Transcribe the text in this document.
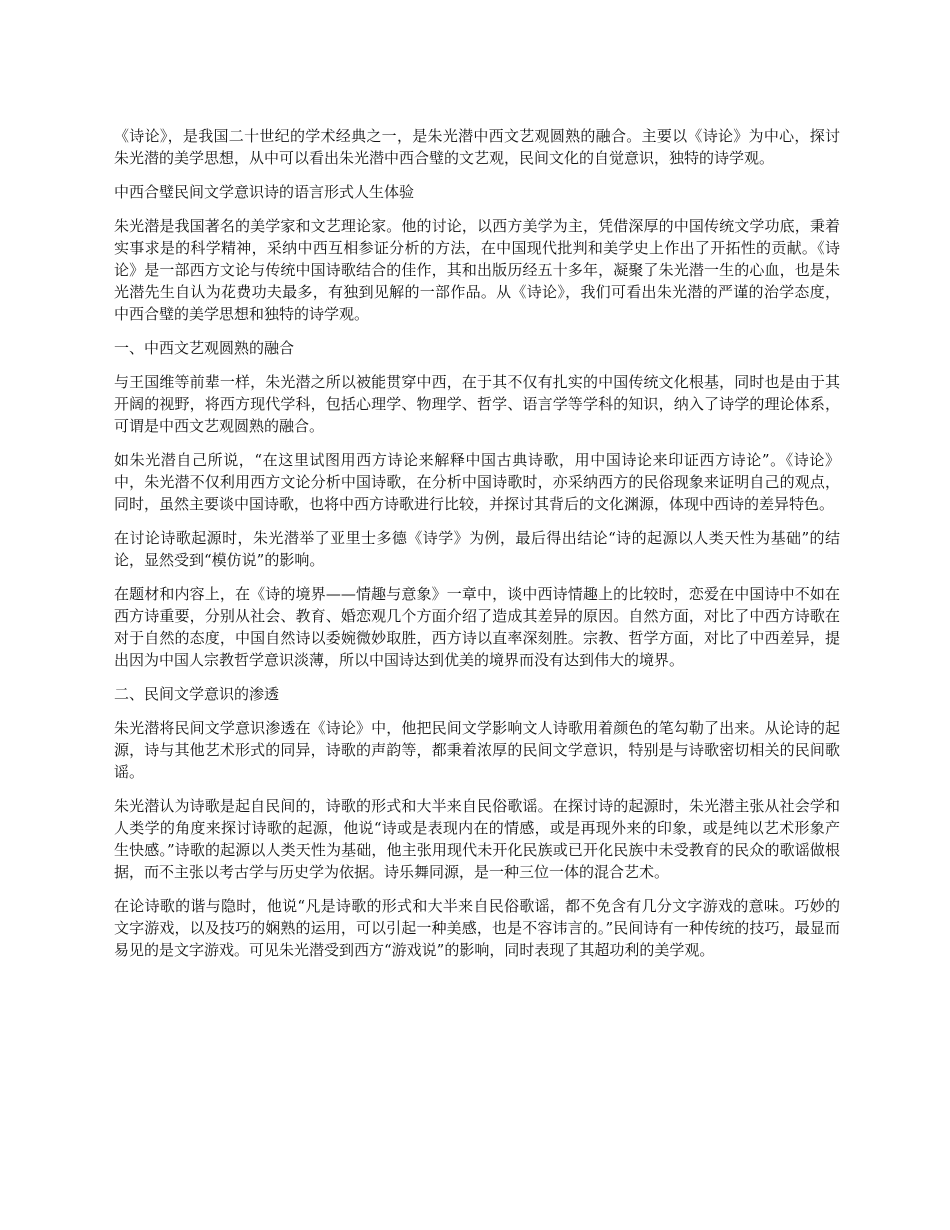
《诗论》，是我国二十世纪的学术经典之一，是朱光潜中西文艺观圆熟的融合。主要以《诗论》为中心，探讨朱光潜的美学思想，从中可以看出朱光潜中西合璧的文艺观，民间文化的自觉意识，独特的诗学观。

中西合璧民间文学意识诗的语言形式人生体验

朱光潜是我国著名的美学家和文艺理论家。他的讨论，以西方美学为主，凭借深厚的中国传统文学功底，秉着实事求是的科学精神，采纳中西互相参证分析的方法，在中国现代批判和美学史上作出了开拓性的贡献。《诗论》是一部西方文论与传统中国诗歌结合的佳作，其和出版历经五十多年，凝聚了朱光潜一生的心血，也是朱光潜先生自认为花费功夫最多，有独到见解的一部作品。从《诗论》，我们可看出朱光潜的严谨的治学态度，中西合璧的美学思想和独特的诗学观。

一、中西文艺观圆熟的融合

与王国维等前辈一样，朱光潜之所以被能贯穿中西，在于其不仅有扎实的中国传统文化根基，同时也是由于其开阔的视野，将西方现代学科，包括心理学、物理学、哲学、语言学等学科的知识，纳入了诗学的理论体系，可谓是中西文艺观圆熟的融合。

如朱光潜自己所说，“在这里试图用西方诗论来解释中国古典诗歌，用中国诗论来印证西方诗论”。《诗论》中，朱光潜不仅利用西方文论分析中国诗歌，在分析中国诗歌时，亦采纳西方的民俗现象来证明自己的观点，同时，虽然主要谈中国诗歌，也将中西方诗歌进行比较，并探讨其背后的文化渊源，体现中西诗的差异特色。

在讨论诗歌起源时，朱光潜举了亚里士多德《诗学》为例，最后得出结论“诗的起源以人类天性为基础”的结论，显然受到“模仿说”的影响。

在题材和内容上，在《诗的境界——情趣与意象》一章中，谈中西诗情趣上的比较时，恋爱在中国诗中不如在西方诗重要，分别从社会、教育、婚恋观几个方面介绍了造成其差异的原因。自然方面，对比了中西方诗歌在对于自然的态度，中国自然诗以委婉微妙取胜，西方诗以直率深刻胜。宗教、哲学方面，对比了中西差异，提出因为中国人宗教哲学意识淡薄，所以中国诗达到优美的境界而没有达到伟大的境界。

二、民间文学意识的渗透

朱光潜将民间文学意识渗透在《诗论》中，他把民间文学影响文人诗歌用着颜色的笔勾勒了出来。从论诗的起源，诗与其他艺术形式的同异，诗歌的声韵等，都秉着浓厚的民间文学意识，特别是与诗歌密切相关的民间歌谣。

朱光潜认为诗歌是起自民间的，诗歌的形式和大半来自民俗歌谣。在探讨诗的起源时，朱光潜主张从社会学和人类学的角度来探讨诗歌的起源，他说“诗或是表现内在的情感，或是再现外来的印象，或是纯以艺术形象产生快感。”诗歌的起源以人类天性为基础，他主张用现代未开化民族或已开化民族中未受教育的民众的歌谣做根据，而不主张以考古学与历史学为依据。诗乐舞同源，是一种三位一体的混合艺术。

在论诗歌的谐与隐时，他说“凡是诗歌的形式和大半来自民俗歌谣，都不免含有几分文字游戏的意味。巧妙的文字游戏，以及技巧的娴熟的运用，可以引起一种美感，也是不容讳言的。”民间诗有一种传统的技巧，最显而易见的是文字游戏。可见朱光潜受到西方“游戏说”的影响，同时表现了其超功利的美学观。
